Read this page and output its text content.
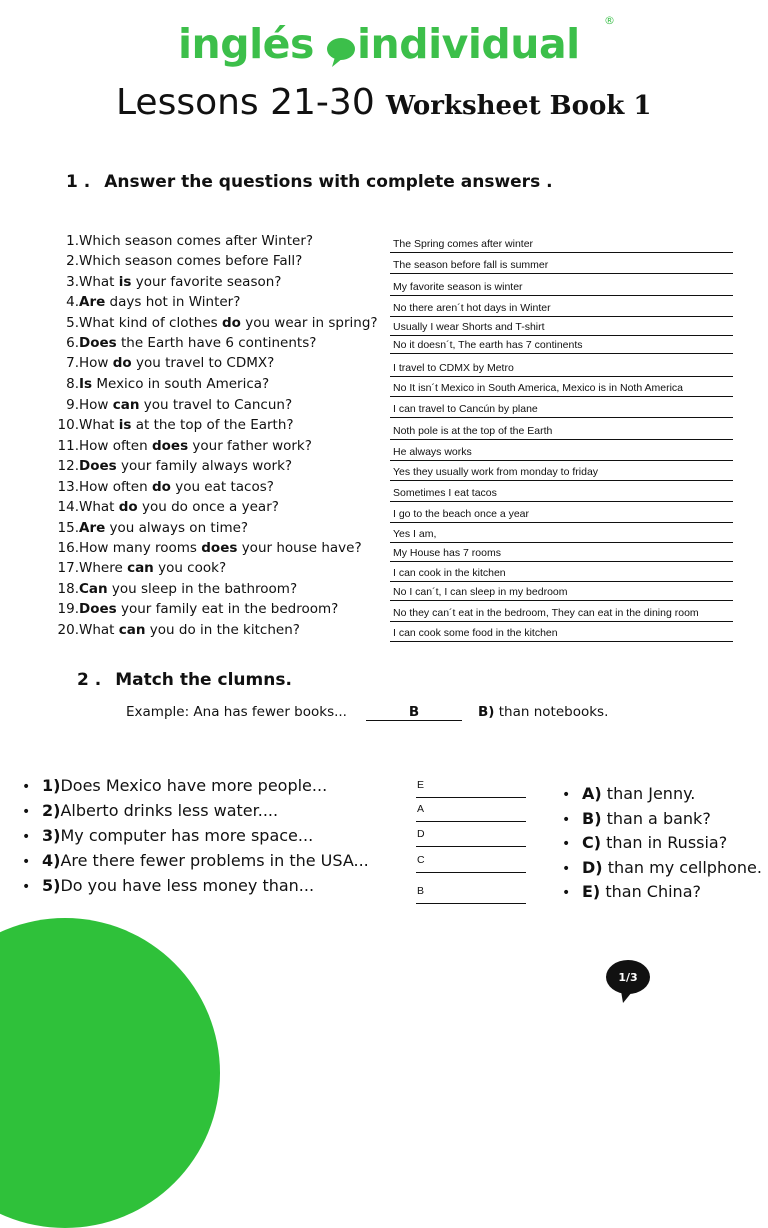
inglés individual ®
Lessons 21-30 Worksheet Book 1
1 . Answer the questions with complete answers .
1.Which season comes after Winter?
2.Which season comes before Fall?
3.What is your favorite season?
4.Are days hot in Winter?
5.What kind of clothes do you wear in spring?
6.Does the Earth have 6 continents?
7.How do you travel to CDMX?
8.Is Mexico in south America?
9.How can you travel to Cancun?
10.What is at the top of the Earth?
11.How often does your father work?
12.Does your family always work?
13.How often do you eat tacos?
14.What do you do once a year?
15.Are you always on time?
16.How many rooms does your house have?
17.Where can you cook?
18.Can you sleep in the bathroom?
19.Does your family eat in the bedroom?
20.What can you do in the kitchen?
The Spring comes after winter
The season before fall is summer
My favorite season is winter
No there aren´t hot days in Winter
Usually I wear Shorts and T-shirt
No it doesn´t, The earth has 7 continents
I travel to CDMX by Metro
No It isn´t Mexico in South America, Mexico is in Noth America
I can travel to Cancún by plane
Noth pole is at the top of the Earth
He always works
Yes they usually work from monday to friday
Sometimes I eat tacos
I go to the beach once a year
Yes I am,
My House has 7 rooms
I can cook in the kitchen
No I can´t, I can sleep in my bedroom
No they can´t eat in the bedroom, They can eat in the dining room
I can cook some food in the kitchen
2 . Match the clumns.
Example: Ana has fewer books...	B	B) than notebooks.
• 1)Does Mexico have more people...
• 2)Alberto drinks less water....
• 3)My computer has more space...
• 4)Are there fewer problems in the USA...
• 5)Do you have less money than...
E
A
D
C
B
• A) than Jenny.
• B) than a bank?
• C) than in Russia?
• D) than my cellphone.
• E) than China?
1/3
